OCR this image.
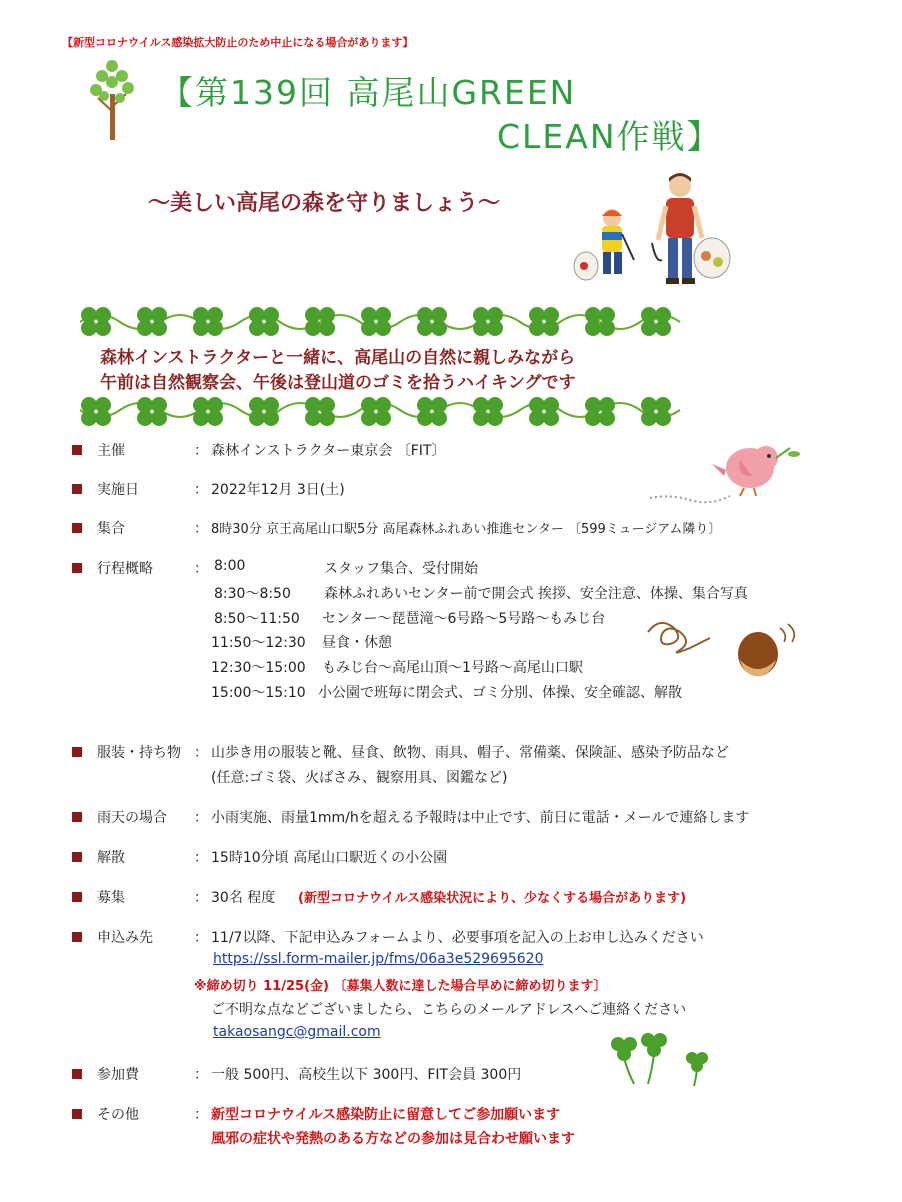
【新型コロナウイルス感染拡大防止のため中止になる場合があります】
【第139回 高尾山GREEN
CLEAN作戦】
～美しい高尾の森を守りましょう～
森林インストラクターと一緒に、高尾山の自然に親しみながら
午前は自然観察会、午後は登山道のゴミを拾うハイキングです
主催	： 森林インストラクター東京会 〔FIT〕
実施日	： 2022年12月 3日(土)
集合	： 8時30分 京王高尾山口駅5分 高尾森林ふれあい推進センター 〔599ミュージアム隣り〕
行程概略	： 8:00	スタッフ集合、受付開始
8:30～8:50 森林ふれあいセンター前で開会式 挨拶、安全注意、体操、集合写真
8:50～11:50 センター～琵琶滝～6号路～5号路～もみじ台
11:50～12:30 昼食・休憩
12:30～15:00 もみじ台～高尾山頂～1号路～高尾山口駅
15:00～15:10 小公園で班毎に閉会式、ゴミ分別、体操、安全確認、解散
服装・持ち物 ： 山歩き用の服装と靴、昼食、飲物、雨具、帽子、常備薬、保険証、感染予防品など
(任意:ゴミ袋、火ばさみ、観察用具、図鑑など)
雨天の場合 ： 小雨実施、雨量1mm/hを超える予報時は中止です、前日に電話・メールで連絡します
解散	： 15時10分頃 高尾山口駅近くの小公園
募集	： 30名 程度 (新型コロナウイルス感染状況により、少なくする場合があります)
申込み先	： 11/7以降、下記申込みフォームより、必要事項を記入の上お申し込みください
https://ssl.form-mailer.jp/fms/06a3e529695620
※締め切り 11/25(金) 〔募集人数に達した場合早めに締め切ります〕
ご不明な点などございましたら、こちらのメールアドレスへご連絡ください
takaosangc@gmail.com
参加費	： 一般 500円、高校生以下 300円、FIT会員 300円
その他	： 新型コロナウイルス感染防止に留意してご参加願います
風邪の症状や発熱のある方などの参加は見合わせ願います
